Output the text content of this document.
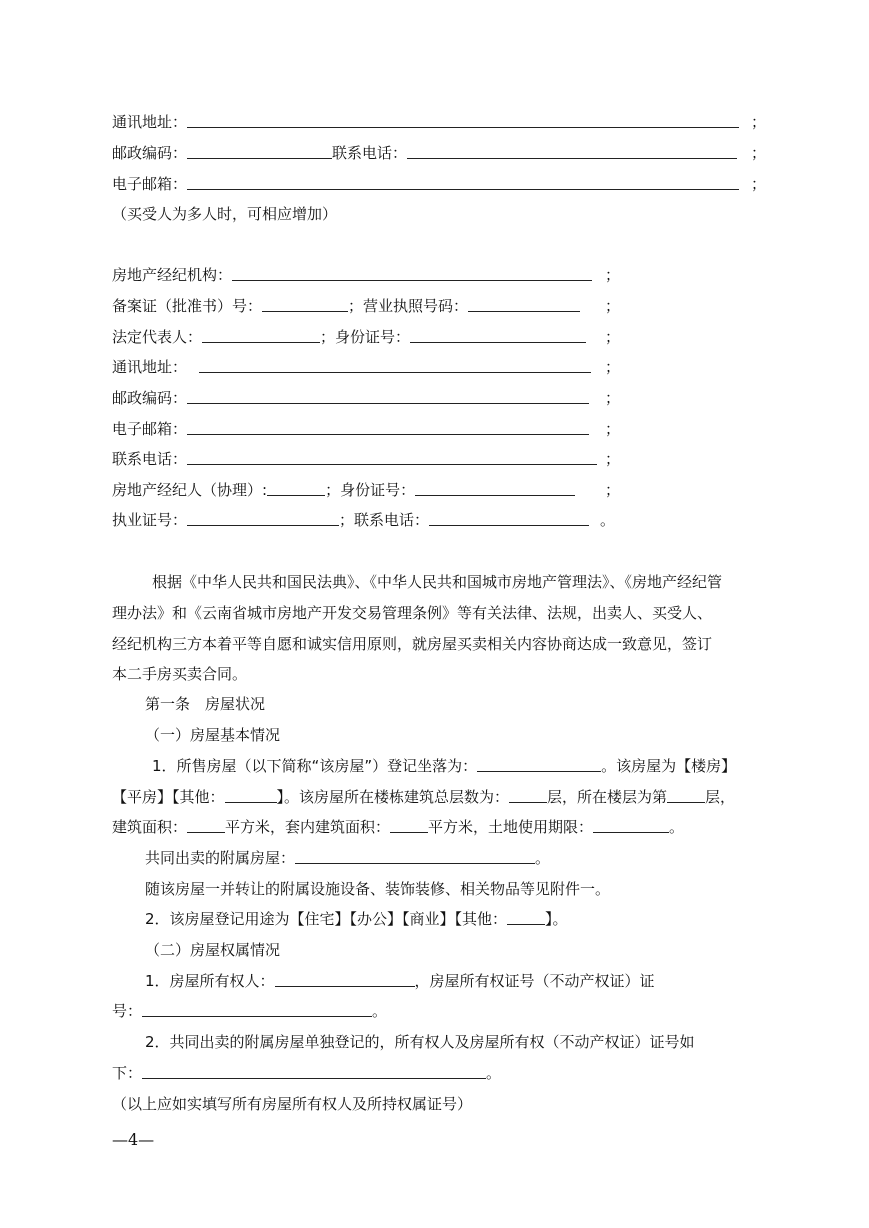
通讯地址：	；
邮政编码：	联系电话：	；
电子邮箱：	；
（买受人为多人时，可相应增加）
房地产经纪机构：	；
备案证（批准书）号：	；营业执照号码：	；
法定代表人：	；身份证号：	；
通讯地址：	；
邮政编码：	；
电子邮箱：	；
联系电话：	；
房地产经纪人（协理）:	；身份证号：	；
执业证号：	；联系电话：	。
根据《中华人民共和国民法典》、《中华人民共和国城市房地产管理法》、《房地产经纪管
理办法》和《云南省城市房地产开发交易管理条例》等有关法律、法规，出卖人、买受人、
经纪机构三方本着平等自愿和诚实信用原则，就房屋买卖相关内容协商达成一致意见，签订
本二手房买卖合同。
第一条　房屋状况
（一）房屋基本情况
1．所售房屋（以下简称“该房屋”）登记坐落为：	。该房屋为【楼房】
【平房】【其他：	】。该房屋所在楼栋建筑总层数为：	层，所在楼层为第	层，
建筑面积：	平方米，套内建筑面积：	平方米，土地使用期限：	。
共同出卖的附属房屋：	。
随该房屋一并转让的附属设施设备、装饰装修、相关物品等见附件一。
2．该房屋登记用途为【住宅】【办公】【商业】【其他：	】。
（二）房屋权属情况
1．房屋所有权人：	，房屋所有权证号（不动产权证）证
号：	。
2．共同出卖的附属房屋单独登记的，所有权人及房屋所有权（不动产权证）证号如
下：	。
（以上应如实填写所有房屋所有权人及所持权属证号）
—4—
